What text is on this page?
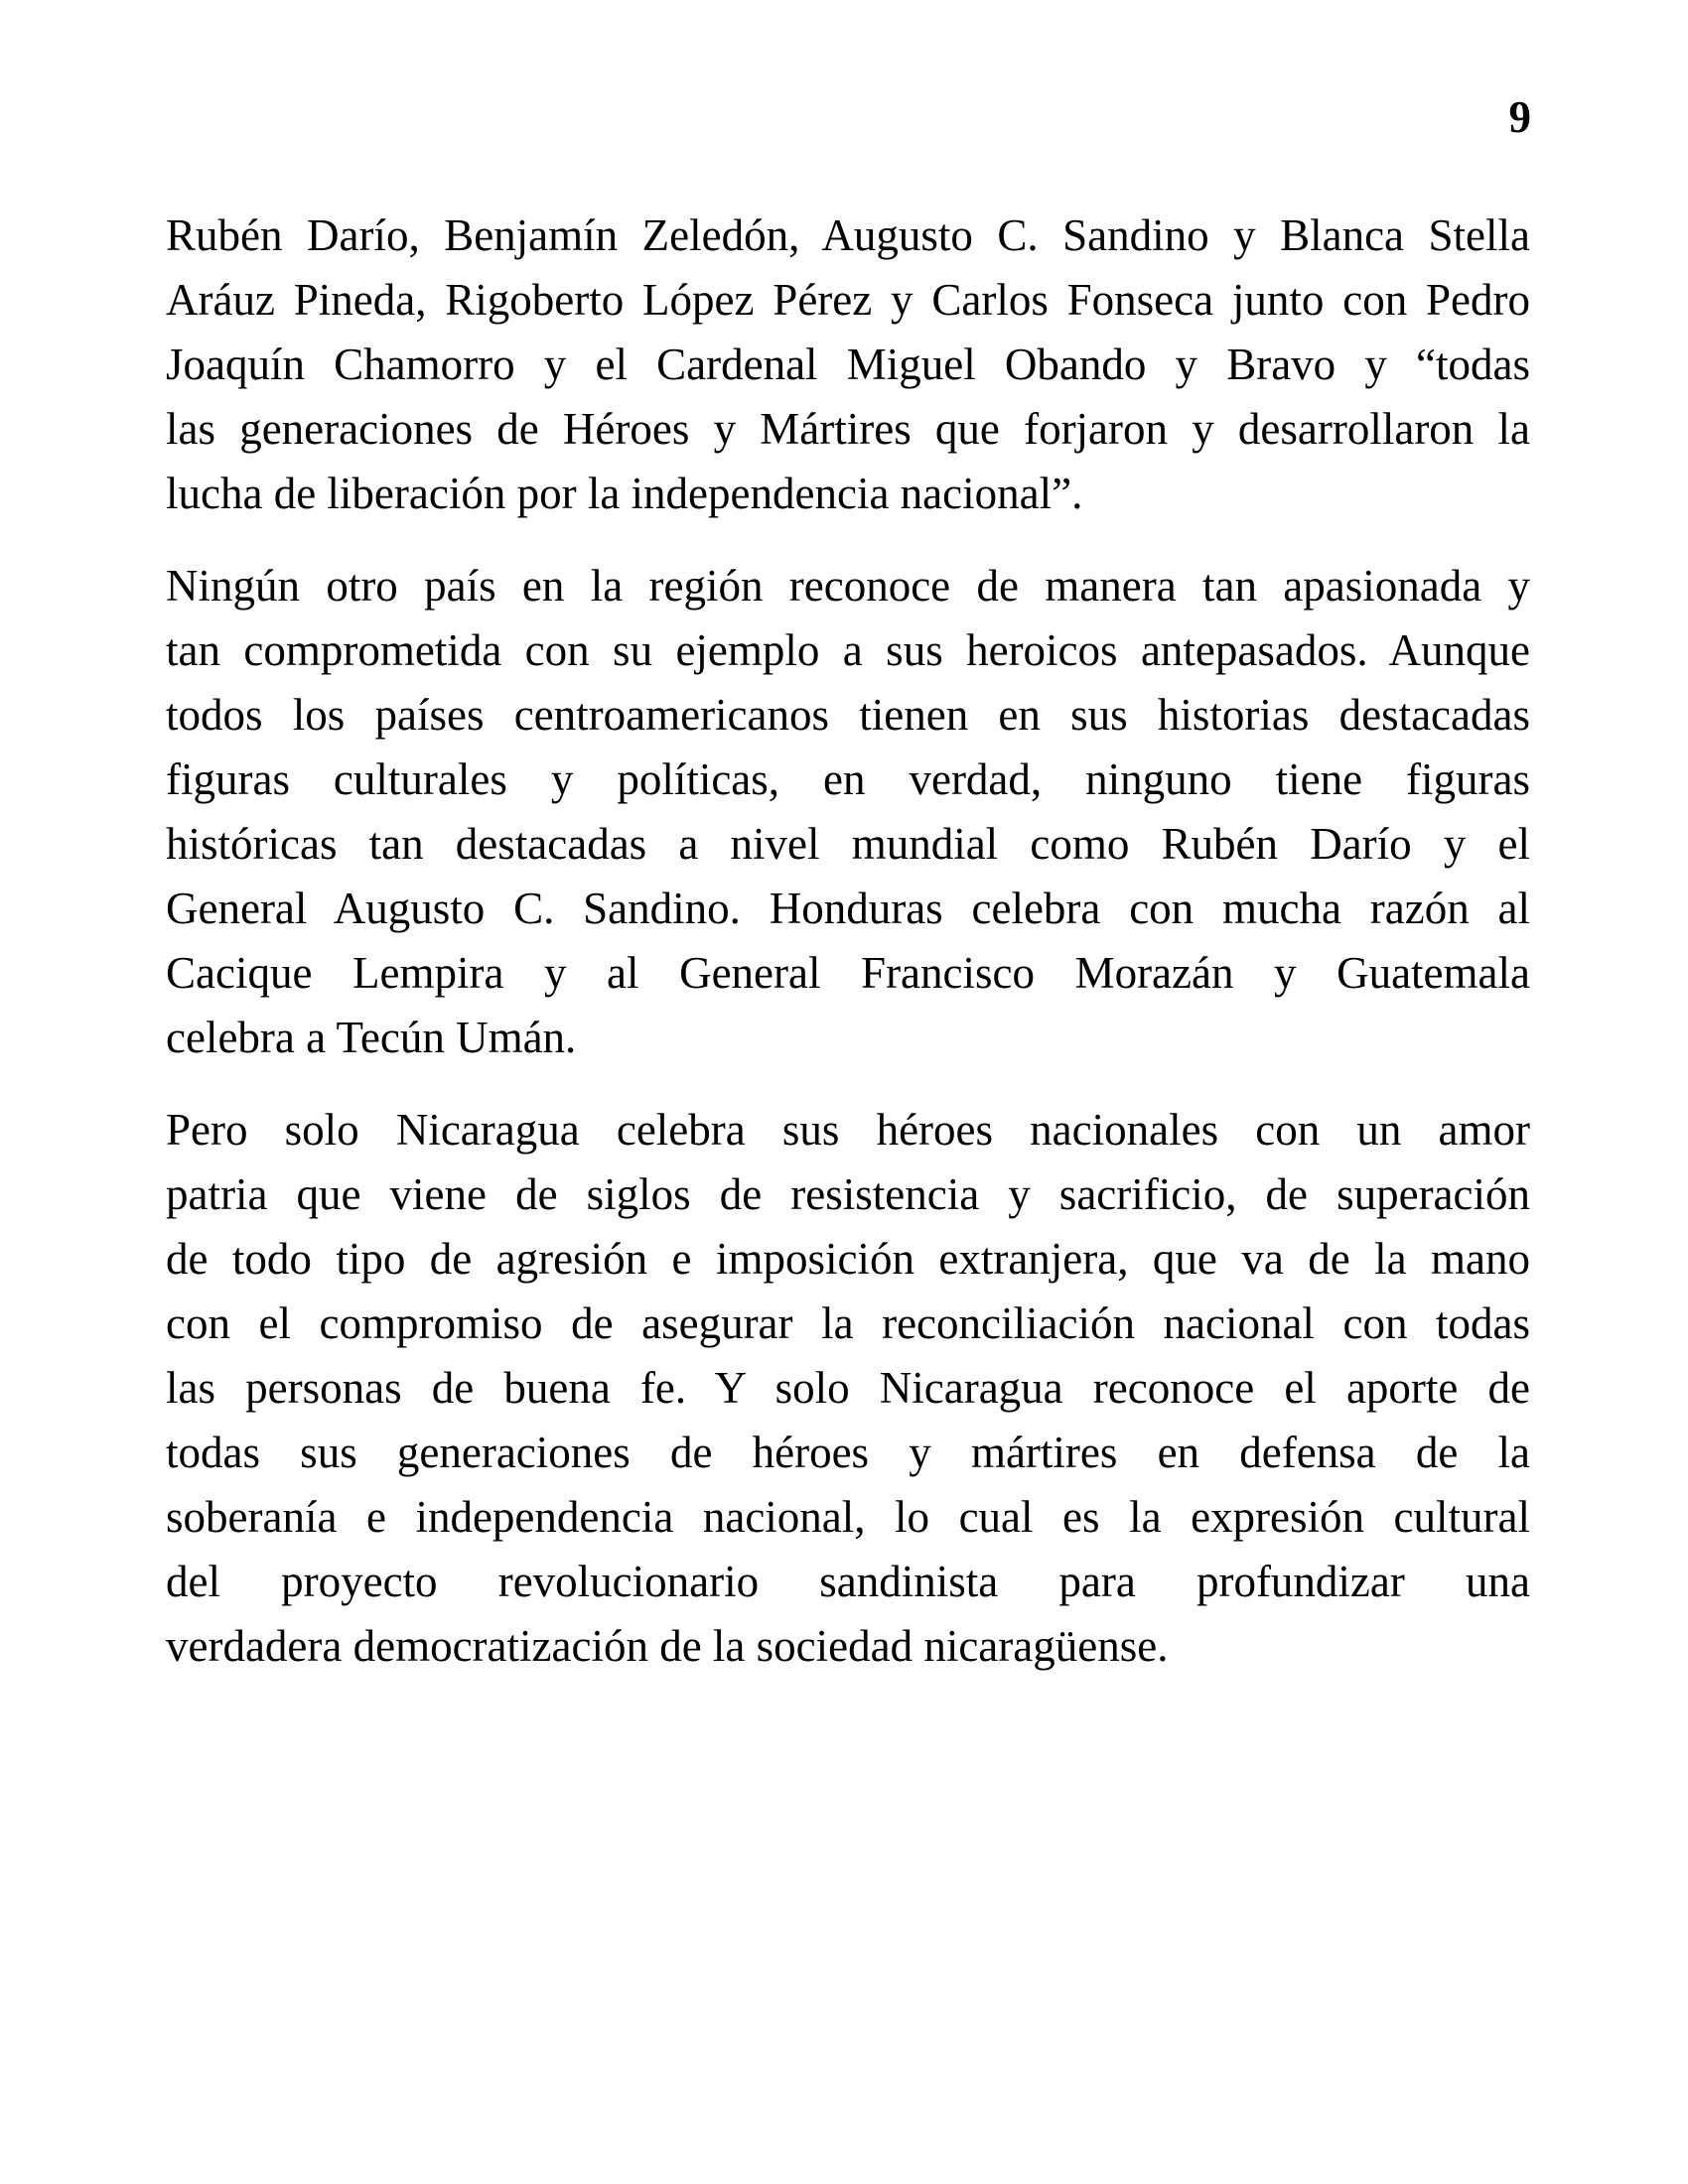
9
Rubén Darío, Benjamín Zeledón, Augusto C. Sandino y Blanca Stella
Aráuz Pineda, Rigoberto López Pérez y Carlos Fonseca junto con Pedro
Joaquín Chamorro y el Cardenal Miguel Obando y Bravo y “todas
las generaciones de Héroes y Mártires que forjaron y desarrollaron la
lucha de liberación por la independencia nacional”.
Ningún otro país en la región reconoce de manera tan apasionada y
tan comprometida con su ejemplo a sus heroicos antepasados. Aunque
todos los países centroamericanos tienen en sus historias destacadas
figuras culturales y políticas, en verdad, ninguno tiene figuras
históricas tan destacadas a nivel mundial como Rubén Darío y el
General Augusto C. Sandino. Honduras celebra con mucha razón al
Cacique Lempira y al General Francisco Morazán y Guatemala
celebra a Tecún Umán.
Pero solo Nicaragua celebra sus héroes nacionales con un amor
patria que viene de siglos de resistencia y sacrificio, de superación
de todo tipo de agresión e imposición extranjera, que va de la mano
con el compromiso de asegurar la reconciliación nacional con todas
las personas de buena fe. Y solo Nicaragua reconoce el aporte de
todas sus generaciones de héroes y mártires en defensa de la
soberanía e independencia nacional, lo cual es la expresión cultural
del proyecto revolucionario sandinista para profundizar una
verdadera democratización de la sociedad nicaragüense.
